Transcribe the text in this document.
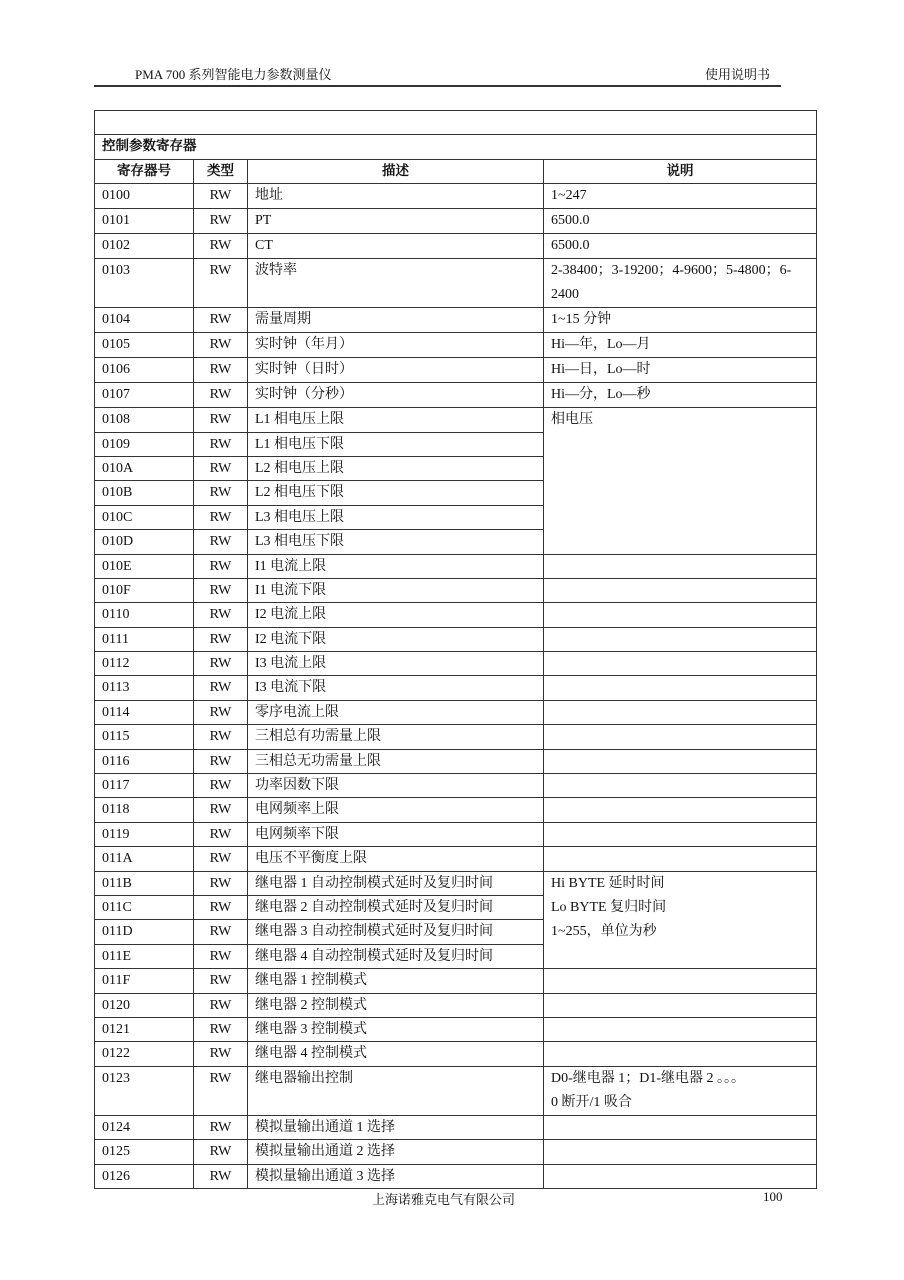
PMA 700 系列智能电力参数测量仪	使用说明书

控制参数寄存器			
寄存器号	类型	描述	说明
0100	RW	地址	1~247
0101	RW	PT	6500.0
0102	RW	CT	6500.0
0103	RW	波特率	2-38400；3-19200；4-9600；5-4800；6-2400
0104	RW	需量周期	1~15 分钟
0105	RW	实时钟（年月）	Hi—年，Lo—月
0106	RW	实时钟（日时）	Hi—日，Lo—时
0107	RW	实时钟（分秒）	Hi—分，Lo—秒
0108	RW	L1 相电压上限	相电压
0109	RW	L1 相电压下限	
010A	RW	L2 相电压上限	
010B	RW	L2 相电压下限	
010C	RW	L3 相电压上限	
010D	RW	L3 相电压下限	
010E	RW	I1 电流上限	
010F	RW	I1 电流下限	
0110	RW	I2 电流上限	
0111	RW	I2 电流下限	
0112	RW	I3 电流上限	
0113	RW	I3 电流下限	
0114	RW	零序电流上限	
0115	RW	三相总有功需量上限	
0116	RW	三相总无功需量上限	
0117	RW	功率因数下限	
0118	RW	电网频率上限	
0119	RW	电网频率下限	
011A	RW	电压不平衡度上限	
011B	RW	继电器 1 自动控制模式延时及复归时间	Hi BYTE 延时时间
Lo BYTE 复归时间
1~255，单位为秒

011C	RW	继电器 2 自动控制模式延时及复归时间	
011D	RW	继电器 3 自动控制模式延时及复归时间	
011E	RW	继电器 4 自动控制模式延时及复归时间	
011F	RW	继电器 1 控制模式	
0120	RW	继电器 2 控制模式	
0121	RW	继电器 3 控制模式	
0122	RW	继电器 4 控制模式	
0123	RW	继电器输出控制	D0-继电器 1；D1-继电器 2 。。。
0 断开/1 吸合

0124	RW	模拟量输出通道 1 选择	
0125	RW	模拟量输出通道 2 选择	
0126	RW	模拟量输出通道 3 选择	
上海诺雅克电气有限公司	100
